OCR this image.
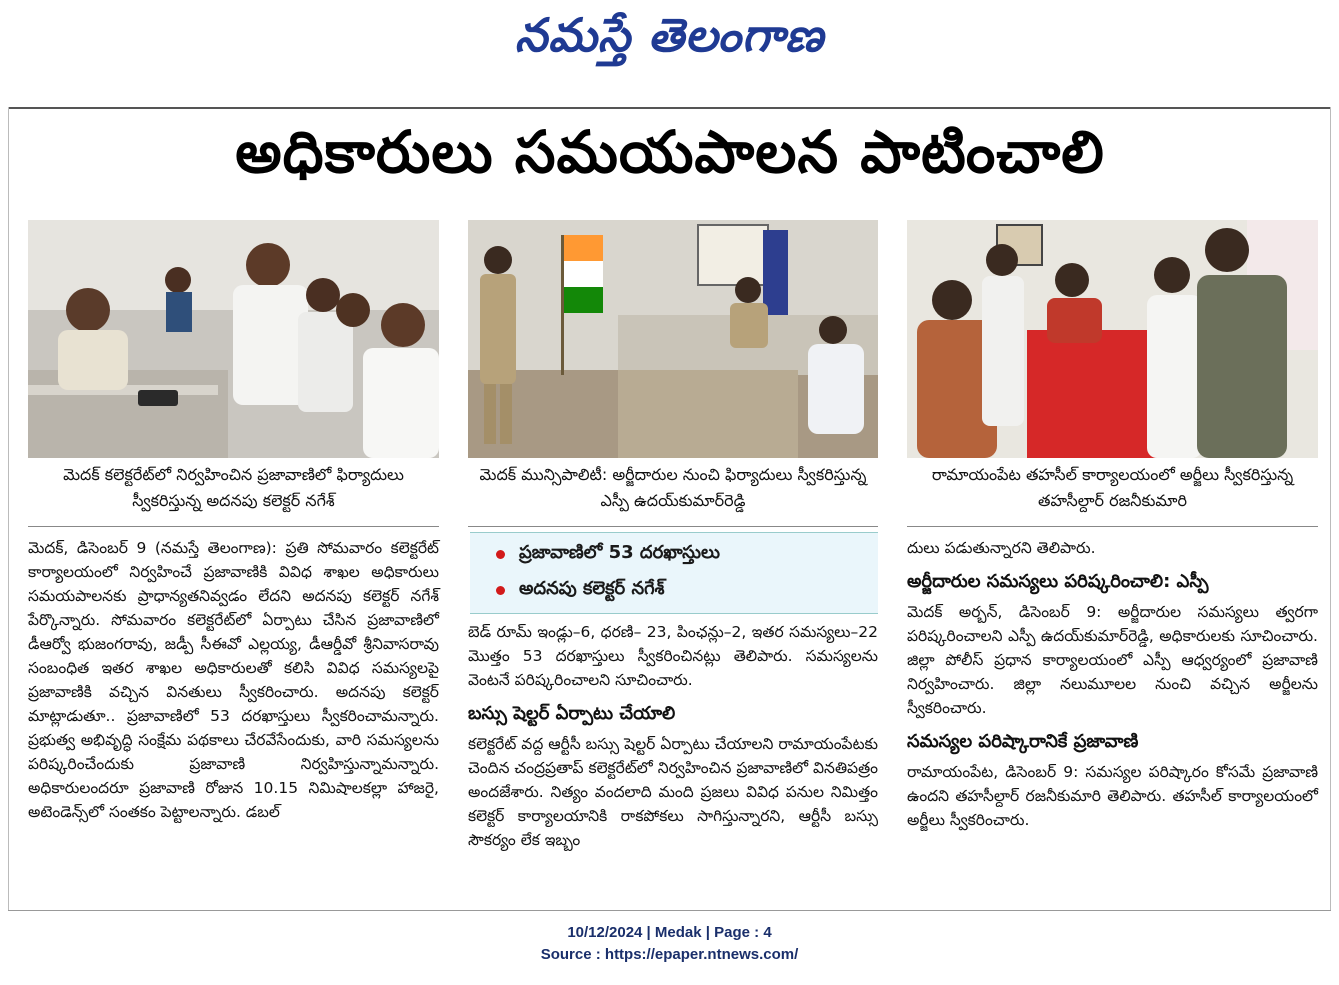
నమస్తే తెలంగాణ
అధికారులు సమయపాలన పాటించాలి
మెదక్ కలెక్టరేట్‌లో నిర్వహించిన ప్రజావాణిలో ఫిర్యాదులు స్వీకరిస్తున్న అదనపు కలెక్టర్ నగేశ్
మెదక్ మున్సిపాలిటీ: అర్జీదారుల నుంచి ఫిర్యాదులు స్వీకరిస్తున్న ఎస్పీ ఉదయ్‌కుమార్‌రెడ్డి
రామాయంపేట తహసీల్ కార్యాలయంలో అర్జీలు స్వీకరిస్తున్న తహసీల్దార్ రజనీకుమారి
మెదక్, డిసెంబర్ 9 (నమస్తే తెలంగాణ): ప్రతి సోమవారం కలెక్టరేట్ కార్యాలయంలో నిర్వహించే ప్రజావాణికి వివిధ శాఖల అధికారులు సమయపాలనకు ప్రాధాన్యతనివ్వడం లేదని అదనపు కలెక్టర్ నగేశ్ పేర్కొన్నారు. సోమవారం కలెక్టరేట్‌లో ఏర్పాటు చేసిన ప్రజావాణిలో డీఆర్వో భుజంగరావు, జడ్పీ సీఈవో ఎల్లయ్య, డీఆర్డీవో శ్రీనివాసరావు సంబంధిత ఇతర శాఖల అధికారులతో కలిసి వివిధ సమస్యలపై ప్రజావాణికి వచ్చిన వినతులు స్వీకరించారు. అదనపు కలెక్టర్ మాట్లాడుతూ.. ప్రజావాణిలో 53 దరఖాస్తులు స్వీకరించామన్నారు. ప్రభుత్వ అభివృద్ధి సంక్షేమ పథకాలు చేరవేసేందుకు, వారి సమస్యలను పరిష్కరించేందుకు ప్రజావాణి నిర్వహిస్తున్నామన్నారు. అధికారులందరూ ప్రజావాణి రోజున 10.15 నిమిషాలకల్లా హాజరై, అటెండెన్స్‌లో సంతకం పెట్టాలన్నారు. డబల్
ప్రజావాణిలో 53 దరఖాస్తులు
అదనపు కలెక్టర్ నగేశ్
బెడ్ రూమ్ ఇండ్లు–6, ధరణి– 23, పింఛన్లు–2, ఇతర సమస్యలు–22 మొత్తం 53 దరఖాస్తులు స్వీకరించినట్లు తెలిపారు. సమస్యలను వెంటనే పరిష్కరించాలని సూచించారు.
బస్సు షెల్టర్ ఏర్పాటు చేయాలి
కలెక్టరేట్ వద్ద ఆర్టీసీ బస్సు షెల్టర్ ఏర్పాటు చేయాలని రామాయంపేటకు చెందిన చంద్రప్రతాప్ కలెక్టరేట్‌లో నిర్వహించిన ప్రజావాణిలో వినతిపత్రం అందజేశారు. నిత్యం వందలాది మంది ప్రజలు వివిధ పనుల నిమిత్తం కలెక్టర్ కార్యాలయానికి రాకపోకలు సాగిస్తున్నారని, ఆర్టీసీ బస్సు సౌకర్యం లేక ఇబ్బం
దులు పడుతున్నారని తెలిపారు.
అర్జీదారుల సమస్యలు పరిష్కరించాలి: ఎస్పీ
మెదక్ అర్బన్, డిసెంబర్ 9: అర్జీదారుల సమస్యలు త్వరగా పరిష్కరించాలని ఎస్పీ ఉదయ్‌కుమార్‌రెడ్డి, అధికారులకు సూచించారు. జిల్లా పోలీస్ ప్రధాన కార్యాలయంలో ఎస్పీ ఆధ్వర్యంలో ప్రజావాణి నిర్వహించారు. జిల్లా నలుమూలల నుంచి వచ్చిన అర్జీలను స్వీకరించారు.
సమస్యల పరిష్కారానికే ప్రజావాణి
రామాయంపేట, డిసెంబర్ 9: సమస్యల పరిష్కారం కోసమే ప్రజావాణి ఉందని తహసీల్దార్ రజనీకుమారి తెలిపారు. తహసీల్ కార్యాలయంలో అర్జీలు స్వీకరించారు.
10/12/2024 | Medak | Page : 4
Source : https://epaper.ntnews.com/
